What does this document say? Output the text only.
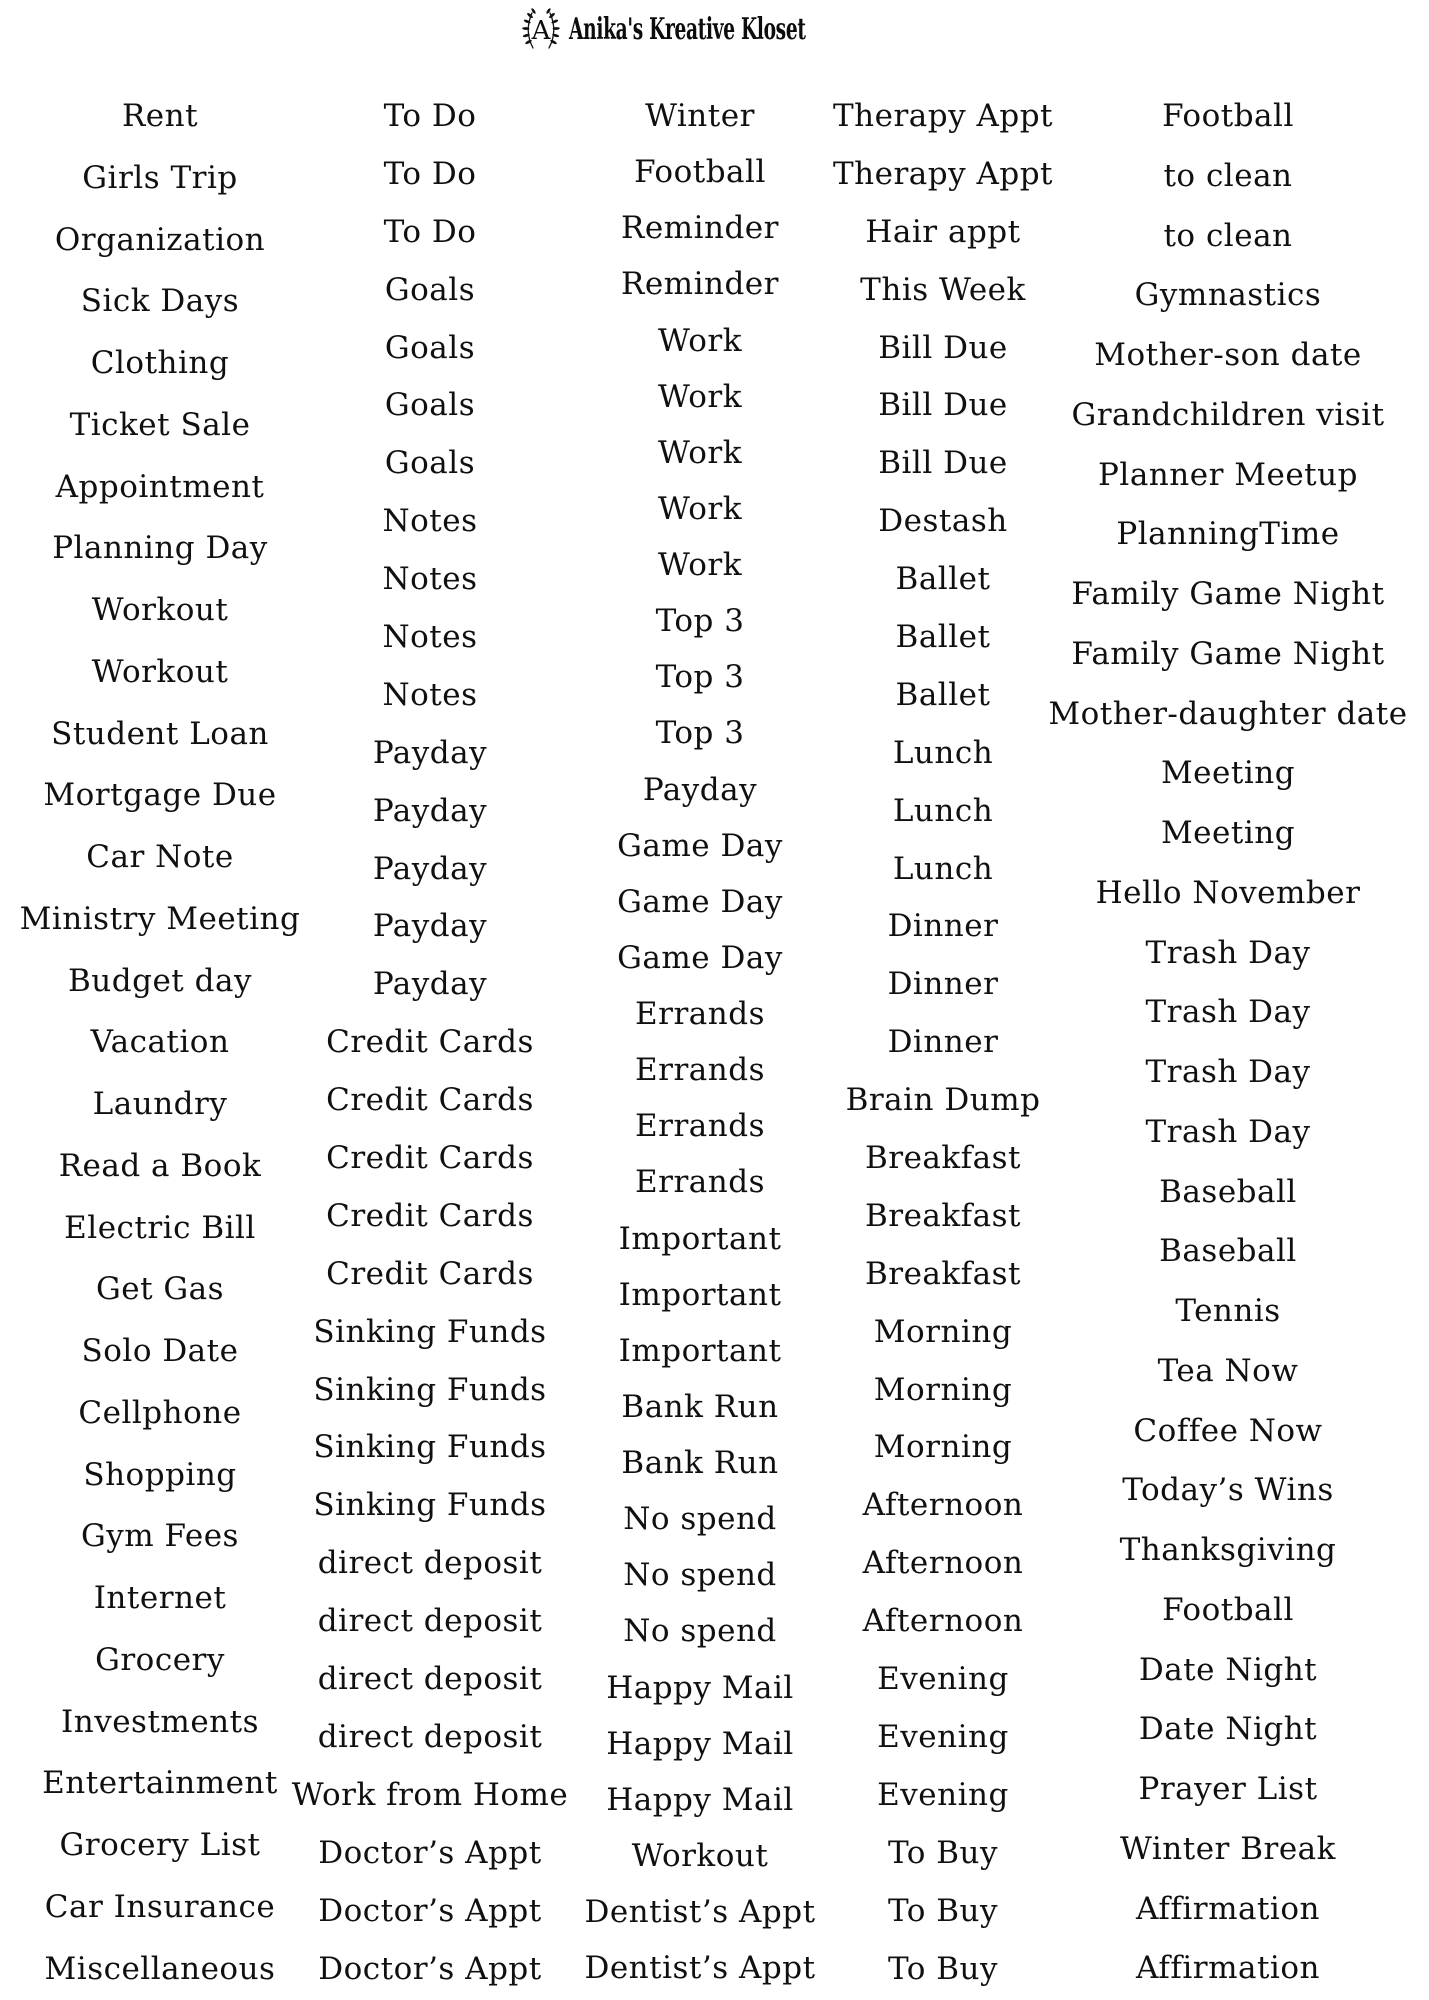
A Anika's Kreative Kloset
Rent
Girls Trip
Organization
Sick Days
Clothing
Ticket Sale
Appointment
Planning Day
Workout
Workout
Student Loan
Mortgage Due
Car Note
Ministry Meeting
Budget day
Vacation
Laundry
Read a Book
Electric Bill
Get Gas
Solo Date
Cellphone
Shopping
Gym Fees
Internet
Grocery
Investments
Entertainment
Grocery List
Car Insurance
Miscellaneous
To Do
To Do
To Do
Goals
Goals
Goals
Goals
Notes
Notes
Notes
Notes
Payday
Payday
Payday
Payday
Payday
Credit Cards
Credit Cards
Credit Cards
Credit Cards
Credit Cards
Sinking Funds
Sinking Funds
Sinking Funds
Sinking Funds
direct deposit
direct deposit
direct deposit
direct deposit
Work from Home
Doctor’s Appt
Doctor’s Appt
Doctor’s Appt
Winter
Football
Reminder
Reminder
Work
Work
Work
Work
Work
Top 3
Top 3
Top 3
Payday
Game Day
Game Day
Game Day
Errands
Errands
Errands
Errands
Important
Important
Important
Bank Run
Bank Run
No spend
No spend
No spend
Happy Mail
Happy Mail
Happy Mail
Workout
Dentist’s Appt
Dentist’s Appt
Therapy Appt
Therapy Appt
Hair appt
This Week
Bill Due
Bill Due
Bill Due
Destash
Ballet
Ballet
Ballet
Lunch
Lunch
Lunch
Dinner
Dinner
Dinner
Brain Dump
Breakfast
Breakfast
Breakfast
Morning
Morning
Morning
Afternoon
Afternoon
Afternoon
Evening
Evening
Evening
To Buy
To Buy
To Buy
Football
to clean
to clean
Gymnastics
Mother-son date
Grandchildren visit
Planner Meetup
PlanningTime
Family Game Night
Family Game Night
Mother-daughter date
Meeting
Meeting
Hello November
Trash Day
Trash Day
Trash Day
Trash Day
Baseball
Baseball
Tennis
Tea Now
Coffee Now
Today’s Wins
Thanksgiving
Football
Date Night
Date Night
Prayer List
Winter Break
Affirmation
Affirmation
